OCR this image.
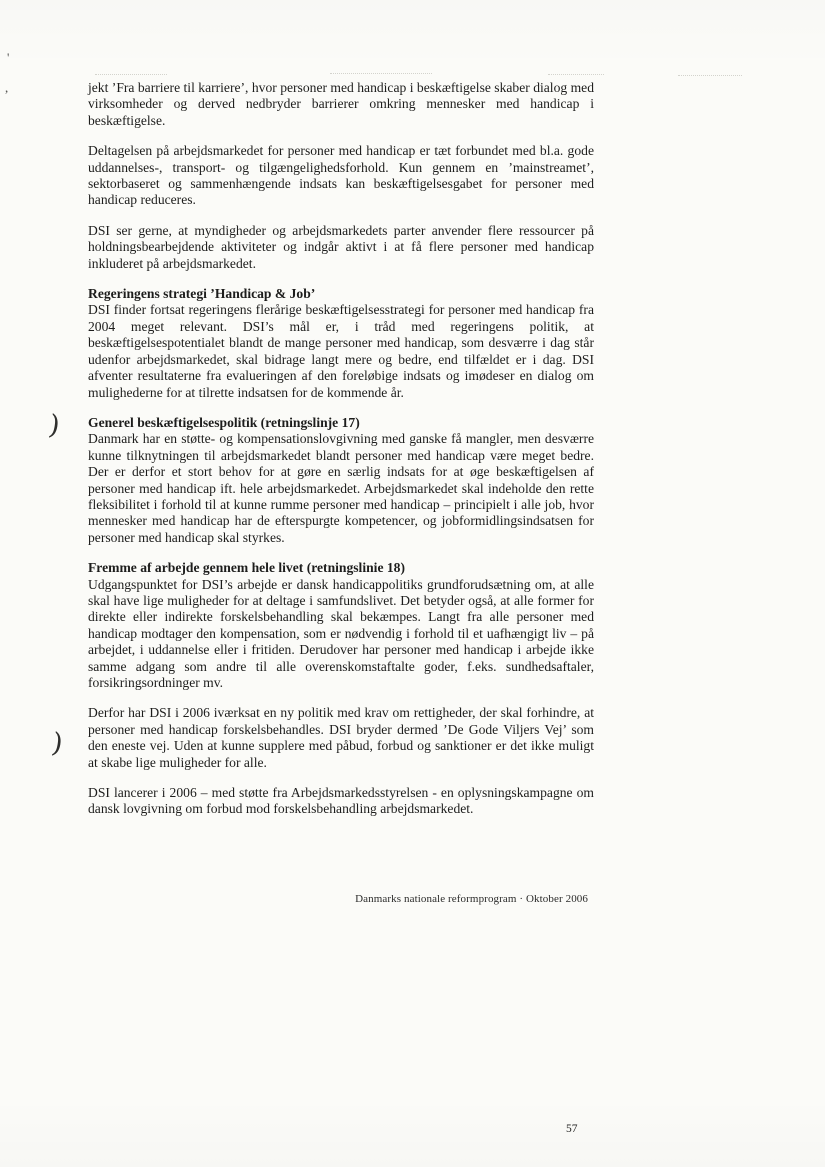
'
,
)
)

jekt ’Fra barriere til karriere’, hvor personer med handicap i beskæftigelse skaber dialog med virksomheder og derved nedbryder barrierer omkring mennesker med handicap i beskæftigelse.

Deltagelsen på arbejdsmarkedet for personer med handicap er tæt forbundet med bl.a. gode uddannelses-, transport- og tilgængelighedsforhold. Kun gennem en ’mainstreamet’, sektorbaseret og sammenhængende indsats kan beskæftigelsesgabet for personer med handicap reduceres.

DSI ser gerne, at myndigheder og arbejdsmarkedets parter anvender flere ressourcer på holdningsbearbejdende aktiviteter og indgår aktivt i at få flere personer med handicap inkluderet på arbejdsmarkedet.

Regeringens strategi ’Handicap & Job’

DSI finder fortsat regeringens flerårige beskæftigelsesstrategi for personer med handicap fra 2004 meget relevant. DSI’s mål er, i tråd med regeringens politik, at beskæftigelsespotentialet blandt de mange personer med handicap, som desværre i dag står udenfor arbejdsmarkedet, skal bidrage langt mere og bedre, end tilfældet er i dag. DSI afventer resultaterne fra evalueringen af den foreløbige indsats og imødeser en dialog om mulighederne for at tilrette indsatsen for de kommende år.

Generel beskæftigelsespolitik (retningslinje 17)

Danmark har en støtte- og kompensationslovgivning med ganske få mangler, men desværre kunne tilknytningen til arbejdsmarkedet blandt personer med handicap være meget bedre. Der er derfor et stort behov for at gøre en særlig indsats for at øge beskæftigelsen af personer med handicap ift. hele arbejdsmarkedet. Arbejdsmarkedet skal indeholde den rette fleksibilitet i forhold til at kunne rumme personer med handicap – principielt i alle job, hvor mennesker med handicap har de efterspurgte kompetencer, og jobformidlingsindsatsen for personer med handicap skal styrkes.

Fremme af arbejde gennem hele livet (retningslinie 18)

Udgangspunktet for DSI’s arbejde er dansk handicappolitiks grundforudsætning om, at alle skal have lige muligheder for at deltage i samfundslivet. Det betyder også, at alle former for direkte eller indirekte forskelsbehandling skal bekæmpes. Langt fra alle personer med handicap modtager den kompensation, som er nødvendig i forhold til et uafhængigt liv – på arbejdet, i uddannelse eller i fritiden. Derudover har personer med handicap i arbejde ikke samme adgang som andre til alle overenskomstaftalte goder, f.eks. sundhedsaftaler, forsikringsordninger mv.

Derfor har DSI i 2006 iværksat en ny politik med krav om rettigheder, der skal forhindre, at personer med handicap forskelsbehandles. DSI bryder dermed ’De Gode Viljers Vej’ som den eneste vej. Uden at kunne supplere med påbud, forbud og sanktioner er det ikke muligt at skabe lige muligheder for alle.

DSI lancerer i 2006 – med støtte fra Arbejdsmarkedsstyrelsen - en oplysningskampagne om dansk lovgivning om forbud mod forskelsbehandling arbejdsmarkedet.

Danmarks nationale reformprogram · Oktober 2006
57
